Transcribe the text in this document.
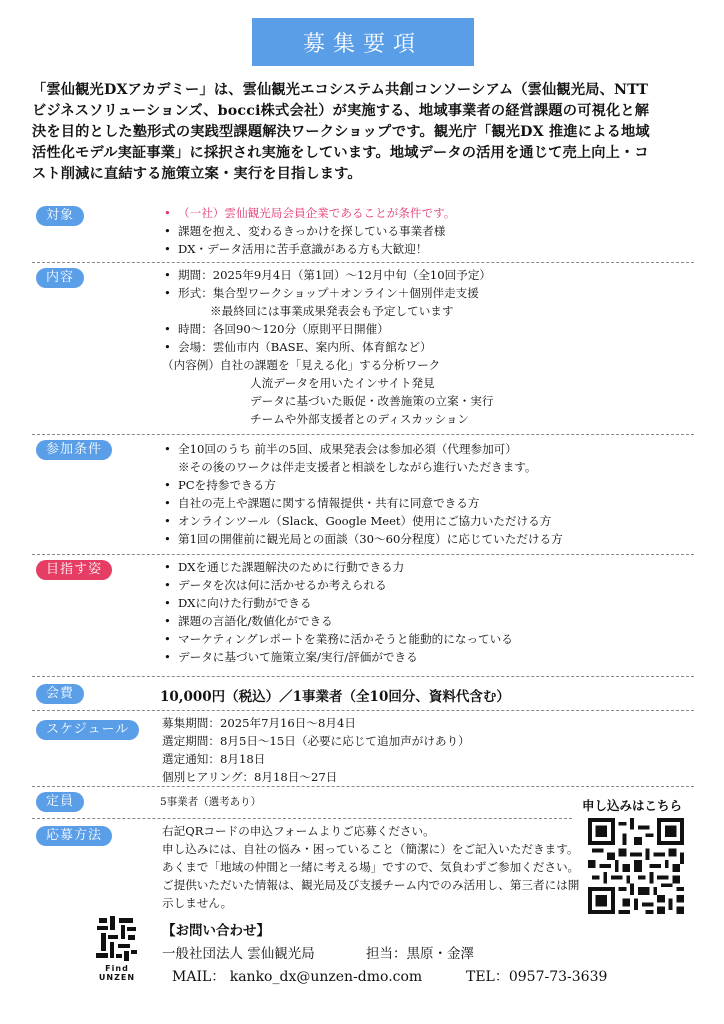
募集要項

「雲仙観光DXアカデミー」は、雲仙観光エコシステム共創コンソーシアム（雲仙観光局、NTT

ビジネスソリューションズ、bocci株式会社）が実施する、地域事業者の経営課題の可視化と解

決を目的とした塾形式の実践型課題解決ワークショップです。観光庁「観光DX 推進による地域

活性化モデル実証事業」に採択され実施をしています。地域データの活用を通じて売上向上・コ

スト削減に直結する施策立案・実行を目指します。

対象	• （一社）雲仙観光局会員企業であることが条件です。
• 課題を抱え、変わるきっかけを探している事業者様
• DX・データ活用に苦手意識がある方も大歓迎！
内容	• 期間：2025年9月4日（第1回）〜12月中旬（全10回予定）
• 形式：集合型ワークショップ＋オンライン＋個別伴走支援
※最終回には事業成果発表会も予定しています
• 時間：各回90〜120分（原則平日開催）
• 会場：雲仙市内（BASE、案内所、体育館など）
（内容例）自社の課題を「見える化」する分析ワーク
人流データを用いたインサイト発見
データに基づいた販促・改善施策の立案・実行
チームや外部支援者とのディスカッション
参加条件	• 全10回のうち 前半の5回、成果発表会は参加必須（代理参加可）
※その後のワークは伴走支援者と相談をしながら進行いただきます。
• PCを持参できる方
• 自社の売上や課題に関する情報提供・共有に同意できる方
• オンラインツール（Slack、Google Meet）使用にご協力いただける方
• 第1回の開催前に観光局との面談（30〜60分程度）に応じていただける方
目指す姿	• DXを通じた課題解決のために行動できる力
• データを次は何に活かせるか考えられる
• DXに向けた行動ができる
• 課題の言語化/数値化ができる
• マーケティングレポートを業務に活かそうと能動的になっている
• データに基づいて施策立案/実行/評価ができる
会費	10,000円（税込）／1事業者（全10回分、資料代含む）
スケジュール	募集期間：2025年7月16日〜8月4日
選定期間：8月5日〜15日（必要に応じて追加声がけあり）
選定通知：8月18日
個別ヒアリング：8月18日〜27日
定員	5事業者（選考あり）
応募方法	右記QRコードの申込フォームよりご応募ください。
申し込みには、自社の悩み・困っていること（簡潔に）をご記入いただきます。
あくまで「地域の仲間と一緒に考える場」ですので、気負わずご参加ください。
ご提供いただいた情報は、観光局及び支援チーム内でのみ活用し、第三者には開
示しません。
申し込みはこちら
Find
UNZEN
【お問い合わせ】
一般社団法人 雲仙観光局	担当：黒原・金澤
MAIL： kanko_dx@unzen-dmo.com	TEL：0957-73-3639
